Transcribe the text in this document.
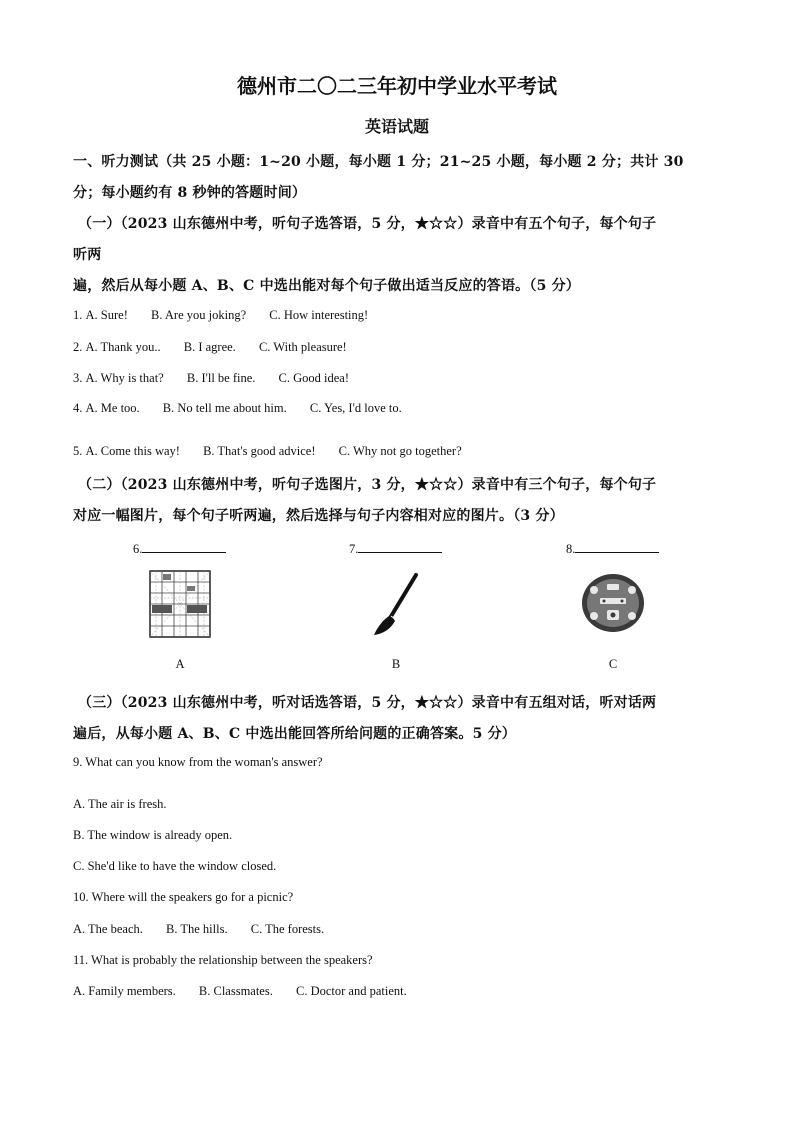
德州市二〇二三年初中学业水平考试
英语试题
一、听力测试（共 25 小题：1~20 小题，每小题 1 分；21~25 小题，每小题 2 分；共计 30
分；每小题约有 8 秒钟的答题时间）
（一）（2023 山东德州中考，听句子选答语，5 分，★☆☆）录音中有五个句子，每个句子
听两
遍，然后从每小题 A、B、C 中选出能对每个句子做出适当反应的答语。（5 分）
1. A. Sure! B. Are you joking? C. How interesting!
2. A. Thank you.. B. I agree. C. With pleasure!
3. A. Why is that? B. I'll be fine. C. Good idea!
4. A. Me too. B. No tell me about him. C. Yes, I'd love to.
5. A. Come this way! B. That's good advice! C. Why not go together?
（二）（2023 山东德州中考，听句子选图片，3 分，★☆☆）录音中有三个句子，每个句子
对应一幅图片，每个句子听两遍，然后选择与句子内容相对应的图片。（3 分）
6.	7.	8.
A	B	C
（三）（2023 山东德州中考，听对话选答语，5 分，★☆☆）录音中有五组对话，听对话两
遍后，从每小题 A、B、C 中选出能回答所给问题的正确答案。5 分）
9. What can you know from the woman's answer?
A. The air is fresh.
B. The window is already open.
C. She'd like to have the window closed.
10. Where will the speakers go for a picnic?
A. The beach. B. The hills. C. The forests.
11. What is probably the relationship between the speakers?
A. Family members. B. Classmates. C. Doctor and patient.
